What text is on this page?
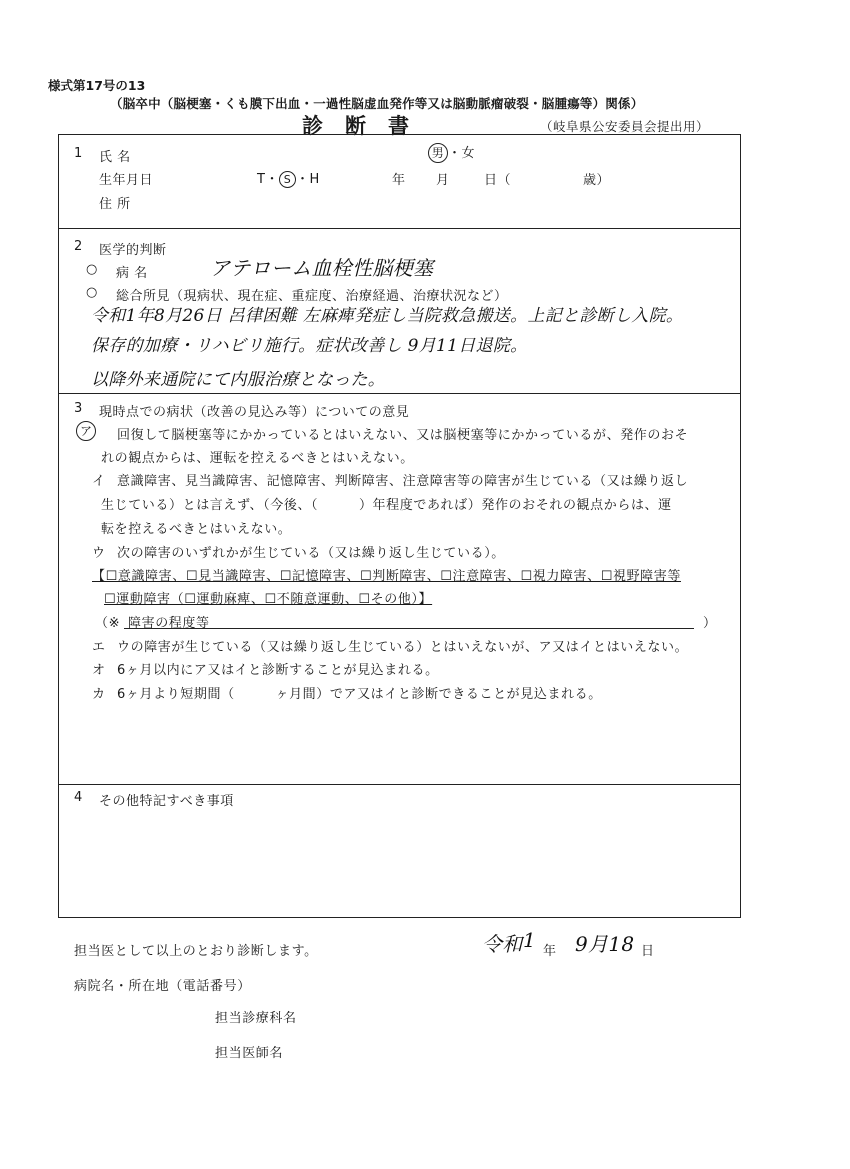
様式第17号の13
（脳卒中（脳梗塞・くも膜下出血・一過性脳虚血発作等又は脳動脈瘤破裂・脳腫瘍等）関係）
診断書	（岐阜県公安委員会提出用）
1 氏 名	男 ・女
生年月日	T・ S ・H	年 月	日（	歳）
住 所
2 医学的判断
○ 病 名	アテローム血栓性脳梗塞
○ 総合所見（現病状、現在症、重症度、治療経過、治療状況など）
令和1年8月26日 呂律困難 左麻痺発症し当院救急搬送。上記と診断し入院。
保存的加療・リハビリ施行。症状改善し 9月11日退院。
以降外来通院にて内服治療となった。
3 現時点での病状（改善の見込み等）についての意見
ア	回復して脳梗塞等にかかっているとはいえない、又は脳梗塞等にかかっているが、発作のおそ
れの観点からは、運転を控えるべきとはいえない。
イ 意識障害、見当識障害、記憶障害、判断障害、注意障害等の障害が生じている（又は繰り返し
生じている）とは言えず、（今後、（　　　）年程度であれば）発作のおそれの観点からは、運
転を控えるべきとはいえない。
ウ 次の障害のいずれかが生じている（又は繰り返し生じている）。
【☐意識障害、☐見当識障害、☐記憶障害、☐判断障害、☐注意障害、☐視力障害、☐視野障害等
☐運動障害（☐運動麻痺、☐不随意運動、☐その他）】
（※ 障害の程度等	）
エ ウの障害が生じている（又は繰り返し生じている）とはいえないが、ア又はイとはいえない。
オ 6ヶ月以内にア又はイと診断することが見込まれる。
カ 6ヶ月より短期間（　　　ヶ月間）でア又はイと診断できることが見込まれる。
4 その他特記すべき事項
担当医として以上のとおり診断します。	令和 1 年 9月18 日
病院名・所在地（電話番号）
担当診療科名
担当医師名
